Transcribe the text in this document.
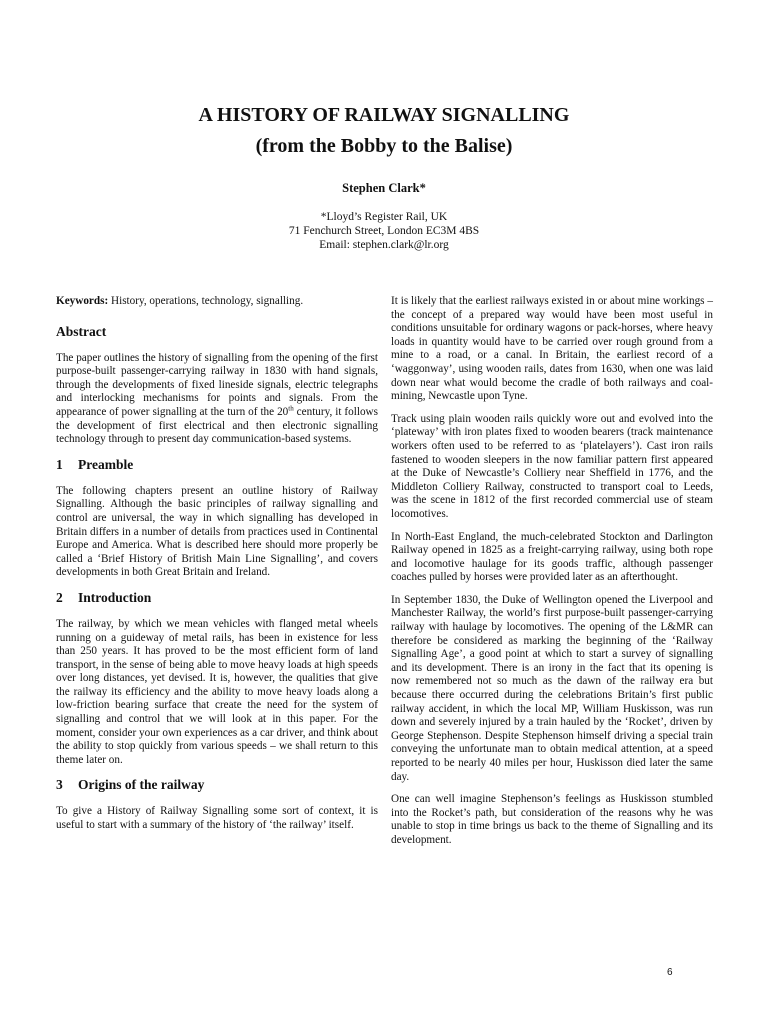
A HISTORY OF RAILWAY SIGNALLING
(from the Bobby to the Balise)
Stephen Clark*
*Lloyd’s Register Rail, UK
71 Fenchurch Street, London EC3M 4BS
Email: stephen.clark@lr.org

Keywords: History, operations, technology, signalling.

Abstract

The paper outlines the history of signalling from the opening of the first purpose-built passenger-carrying railway in 1830 with hand signals, through the developments of fixed lineside signals, electric telegraphs and interlocking mechanisms for points and signals. From the appearance of power signalling at the turn of the 20th century, it follows the development of first electrical and then electronic signalling technology through to present day communication-based systems.

1 Preamble

The following chapters present an outline history of Railway Signalling. Although the basic principles of railway signalling and control are universal, the way in which signalling has developed in Britain differs in a number of details from practices used in Continental Europe and America. What is described here should more properly be called a ‘Brief History of British Main Line Signalling’, and covers developments in both Great Britain and Ireland.

2 Introduction

The railway, by which we mean vehicles with flanged metal wheels running on a guideway of metal rails, has been in existence for less than 250 years. It has proved to be the most efficient form of land transport, in the sense of being able to move heavy loads at high speeds over long distances, yet devised. It is, however, the qualities that give the railway its efficiency and the ability to move heavy loads along a low-friction bearing surface that create the need for the system of signalling and control that we will look at in this paper. For the moment, consider your own experiences as a car driver, and think about the ability to stop quickly from various speeds – we shall return to this theme later on.

3 Origins of the railway

To give a History of Railway Signalling some sort of context, it is useful to start with a summary of the history of ‘the railway’ itself.

It is likely that the earliest railways existed in or about mine workings – the concept of a prepared way would have been most useful in conditions unsuitable for ordinary wagons or pack-horses, where heavy loads in quantity would have to be carried over rough ground from a mine to a road, or a canal. In Britain, the earliest record of a ‘waggonway’, using wooden rails, dates from 1630, when one was laid down near what would become the cradle of both railways and coal-mining, Newcastle upon Tyne.

Track using plain wooden rails quickly wore out and evolved into the ‘plateway’ with iron plates fixed to wooden bearers (track maintenance workers often used to be referred to as ‘platelayers’). Cast iron rails fastened to wooden sleepers in the now familiar pattern first appeared at the Duke of Newcastle’s Colliery near Sheffield in 1776, and the Middleton Colliery Railway, constructed to transport coal to Leeds, was the scene in 1812 of the first recorded commercial use of steam locomotives.

In North-East England, the much-celebrated Stockton and Darlington Railway opened in 1825 as a freight-carrying railway, using both rope and locomotive haulage for its goods traffic, although passenger coaches pulled by horses were provided later as an afterthought.

In September 1830, the Duke of Wellington opened the Liverpool and Manchester Railway, the world’s first purpose-built passenger-carrying railway with haulage by locomotives. The opening of the L&MR can therefore be considered as marking the beginning of the ‘Railway Signalling Age’, a good point at which to start a survey of signalling and its development. There is an irony in the fact that its opening is now remembered not so much as the dawn of the railway era but because there occurred during the celebrations Britain’s first public railway accident, in which the local MP, William Huskisson, was run down and severely injured by a train hauled by the ‘Rocket’, driven by George Stephenson. Despite Stephenson himself driving a special train conveying the unfortunate man to obtain medical attention, at a speed reported to be nearly 40 miles per hour, Huskisson died later the same day.

One can well imagine Stephenson’s feelings as Huskisson stumbled into the Rocket’s path, but consideration of the reasons why he was unable to stop in time brings us back to the theme of Signalling and its development.

6
